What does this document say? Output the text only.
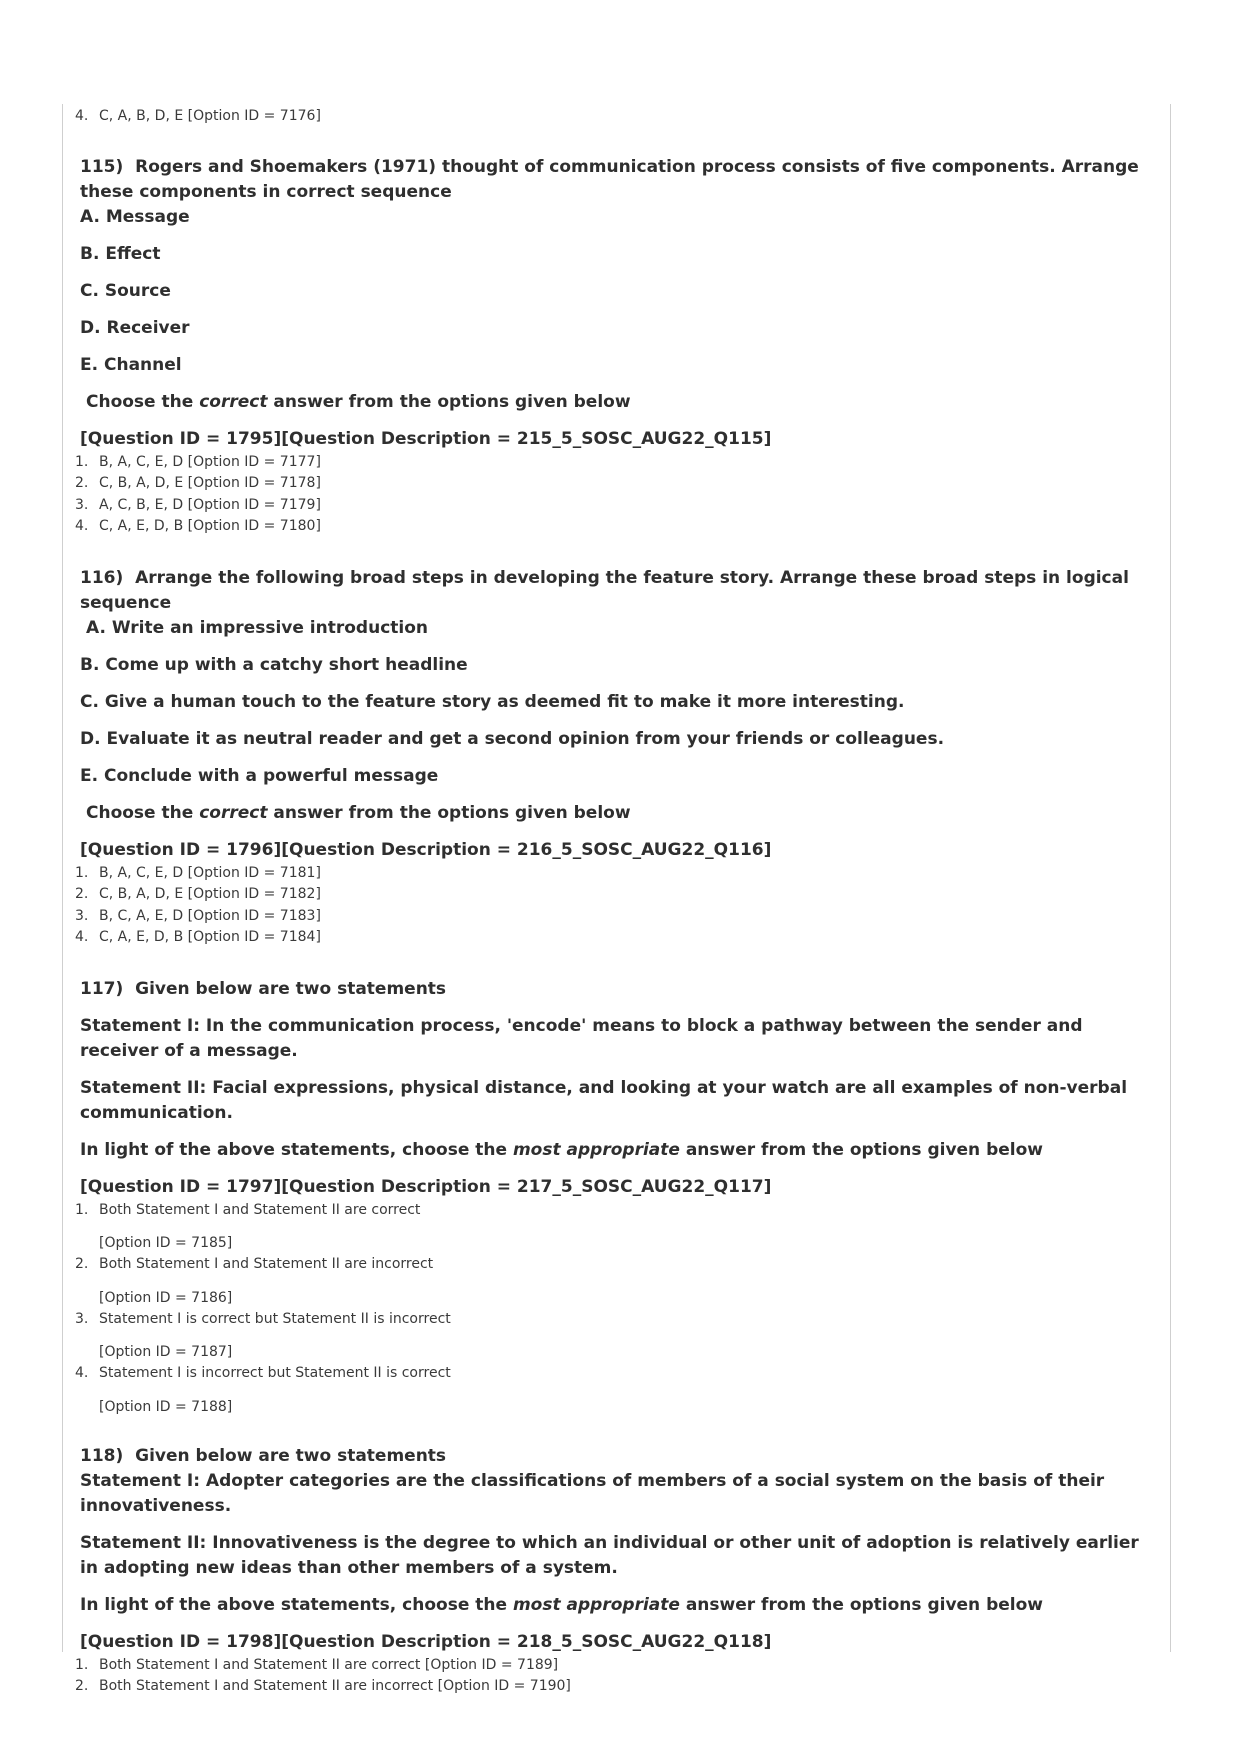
4. C, A, B, D, E [Option ID = 7176]

115) Rogers and Shoemakers (1971) thought of communication process consists of five components. Arrange these components in correct sequence

A. Message

B. Effect

C. Source

D. Receiver

E. Channel

Choose the correct answer from the options given below

[Question ID = 1795][Question Description = 215_5_SOSC_AUG22_Q115]

1. B, A, C, E, D [Option ID = 7177]
2. C, B, A, D, E [Option ID = 7178]
3. A, C, B, E, D [Option ID = 7179]
4. C, A, E, D, B [Option ID = 7180]

116) Arrange the following broad steps in developing the feature story. Arrange these broad steps in logical sequence

A. Write an impressive introduction

B. Come up with a catchy short headline

C. Give a human touch to the feature story as deemed fit to make it more interesting.

D. Evaluate it as neutral reader and get a second opinion from your friends or colleagues.

E. Conclude with a powerful message

Choose the correct answer from the options given below

[Question ID = 1796][Question Description = 216_5_SOSC_AUG22_Q116]

1. B, A, C, E, D [Option ID = 7181]
2. C, B, A, D, E [Option ID = 7182]
3. B, C, A, E, D [Option ID = 7183]
4. C, A, E, D, B [Option ID = 7184]

117) Given below are two statements

Statement I: In the communication process, 'encode' means to block a pathway between the sender and receiver of a message.

Statement II: Facial expressions, physical distance, and looking at your watch are all examples of non-verbal communication.

In light of the above statements, choose the most appropriate answer from the options given below

[Question ID = 1797][Question Description = 217_5_SOSC_AUG22_Q117]

1. Both Statement I and Statement II are correct
[Option ID = 7185]
2. Both Statement I and Statement II are incorrect
[Option ID = 7186]
3. Statement I is correct but Statement II is incorrect
[Option ID = 7187]
4. Statement I is incorrect but Statement II is correct
[Option ID = 7188]

118) Given below are two statements

Statement I: Adopter categories are the classifications of members of a social system on the basis of their innovativeness.

Statement II: Innovativeness is the degree to which an individual or other unit of adoption is relatively earlier in adopting new ideas than other members of a system.

In light of the above statements, choose the most appropriate answer from the options given below

[Question ID = 1798][Question Description = 218_5_SOSC_AUG22_Q118]

1. Both Statement I and Statement II are correct [Option ID = 7189]
2. Both Statement I and Statement II are incorrect [Option ID = 7190]
